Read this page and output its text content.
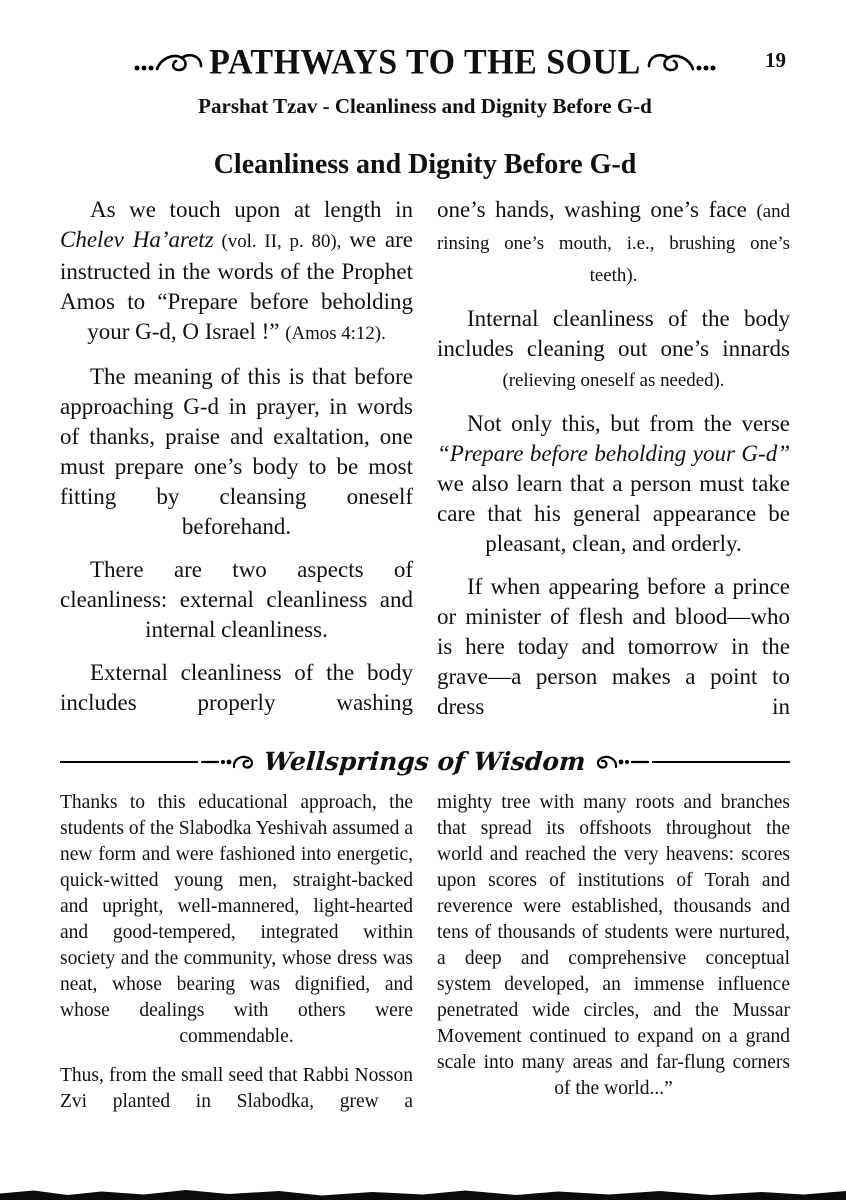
PATHWAYS TO THE SOUL	19
Parshat Tzav - Cleanliness and Dignity Before G-d
Cleanliness and Dignity Before G-d

As we touch upon at length in Chelev Ha’aretz (vol. II, p. 80), we are instructed in the words of the Prophet Amos to “Prepare before beholding your G-d, O Israel !” (Amos 4:12).

The meaning of this is that before approaching G-d in prayer, in words of thanks, praise and exaltation, one must prepare one’s body to be most fitting by cleansing oneself beforehand.

There are two aspects of cleanliness: external cleanliness and internal cleanliness.

External cleanliness of the body includes properly washing

one’s hands, washing one’s face (and rinsing one’s mouth, i.e., brushing one’s teeth).

Internal cleanliness of the body includes cleaning out one’s innards (relieving oneself as needed).

Not only this, but from the verse “Prepare before beholding your G-d” we also learn that a person must take care that his general appearance be pleasant, clean, and orderly.

If when appearing before a prince or minister of flesh and blood—who is here today and tomorrow in the grave—a person makes a point to dress in

Wellsprings of Wisdom

Thanks to this educational approach, the students of the Slabodka Yeshivah assumed a new form and were fashioned into energetic, quick-witted young men, straight-backed and upright, well-mannered, light-hearted and good-tempered, integrated within society and the community, whose dress was neat, whose bearing was dignified, and whose dealings with others were commendable.

Thus, from the small seed that Rabbi Nosson Zvi planted in Slabodka, grew a

mighty tree with many roots and branches that spread its offshoots throughout the world and reached the very heavens: scores upon scores of institutions of Torah and reverence were established, thousands and tens of thousands of students were nurtured, a deep and comprehensive conceptual system developed, an immense influence penetrated wide circles, and the Mussar Movement continued to expand on a grand scale into many areas and far-flung corners of the world...”
